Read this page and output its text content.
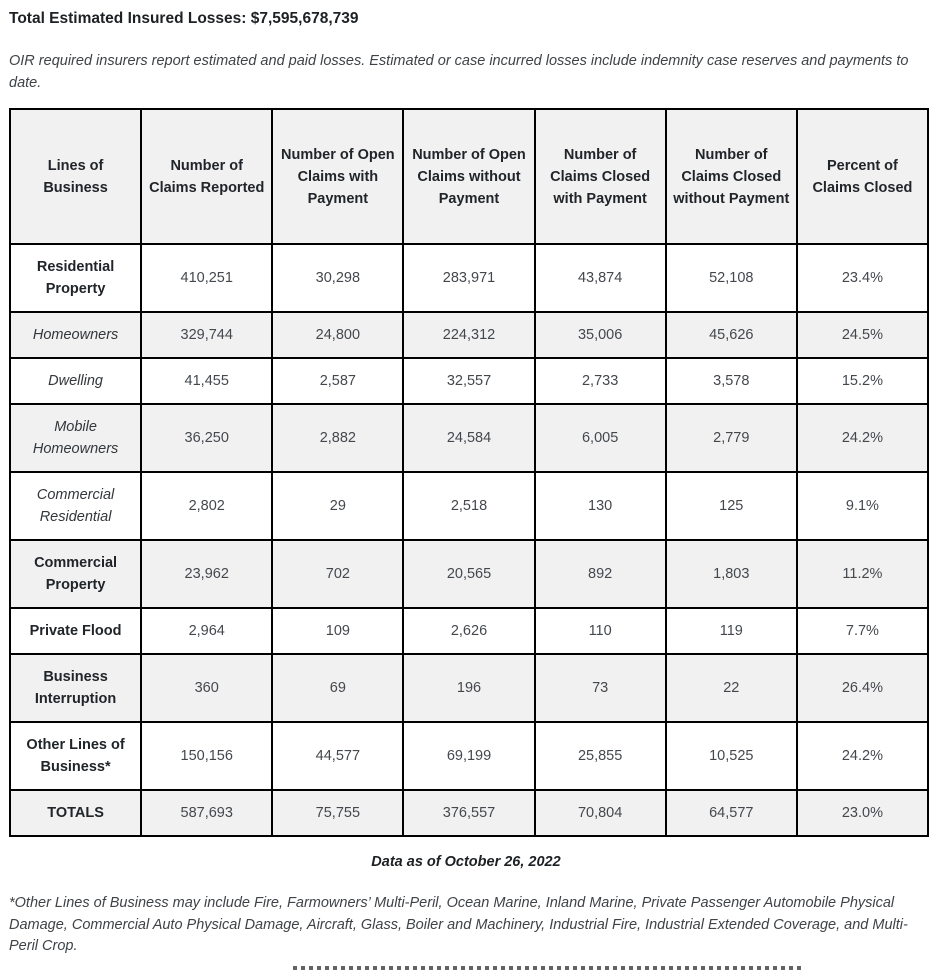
Total Estimated Insured Losses: $7,595,678,739

OIR required insurers report estimated and paid losses. Estimated or case incurred losses include indemnity case reserves and payments to date.

Lines of Business	Number of Claims Reported	Number of Open Claims with Payment	Number of Open Claims without Payment	Number of Claims Closed with Payment	Number of Claims Closed without Payment	Percent of Claims Closed
Residential Property	410,251	30,298	283,971	43,874	52,108	23.4%
Homeowners	329,744	24,800	224,312	35,006	45,626	24.5%
Dwelling	41,455	2,587	32,557	2,733	3,578	15.2%
Mobile Homeowners	36,250	2,882	24,584	6,005	2,779	24.2%
Commercial Residential	2,802	29	2,518	130	125	9.1%
Commercial Property	23,962	702	20,565	892	1,803	11.2%
Private Flood	2,964	109	2,626	110	119	7.7%
Business Interruption	360	69	196	73	22	26.4%
Other Lines of Business*	150,156	44,577	69,199	25,855	10,525	24.2%
TOTALS	587,693	75,755	376,557	70,804	64,577	23.0%

Data as of October 26, 2022

*Other Lines of Business may include Fire, Farmowners’ Multi-Peril, Ocean Marine, Inland Marine, Private Passenger Automobile Physical Damage, Commercial Auto Physical Damage, Aircraft, Glass, Boiler and Machinery, Industrial Fire, Industrial Extended Coverage, and Multi-Peril Crop.
